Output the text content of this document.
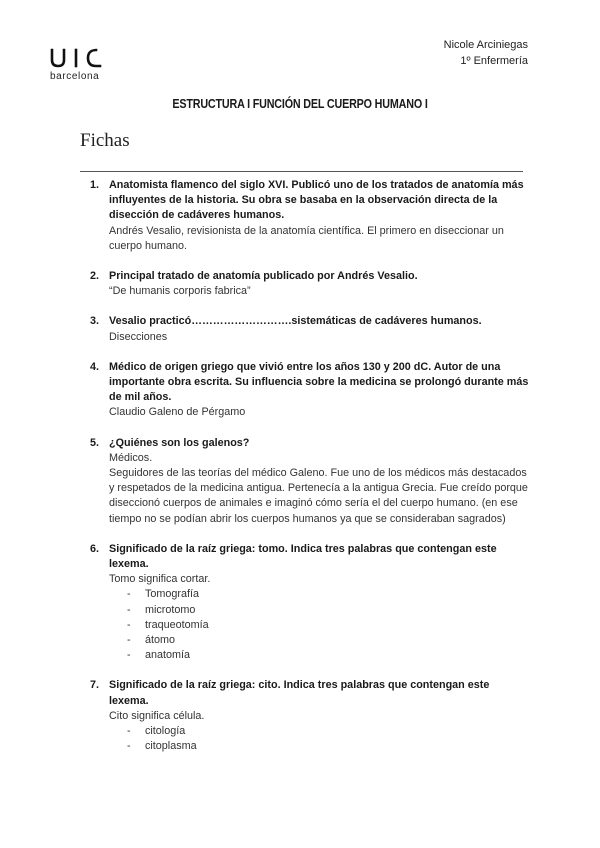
barcelona
Nicole Arciniegas
1º Enfermería
ESTRUCTURA I FUNCIÓN DEL CUERPO HUMANO I
Fichas
1. Anatomista flamenco del siglo XVI. Publicó uno de los tratados de anatomía más influyentes de la historia. Su obra se basaba en la observación directa de la disección de cadáveres humanos.
Andrés Vesalio, revisionista de la anatomía científica. El primero en diseccionar un cuerpo humano.
2. Principal tratado de anatomía publicado por Andrés Vesalio.
“De humanis corporis fabrica”
3. Vesalio practicó……………………….sistemáticas de cadáveres humanos.
Disecciones
4. Médico de origen griego que vivió entre los años 130 y 200 dC. Autor de una importante obra escrita. Su influencia sobre la medicina se prolongó durante más de mil años.
Claudio Galeno de Pérgamo
5. ¿Quiénes son los galenos?
Médicos.
Seguidores de las teorías del médico Galeno. Fue uno de los médicos más destacados y respetados de la medicina antigua. Pertenecía a la antigua Grecia. Fue creído porque diseccionó cuerpos de animales e imaginó cómo sería el del cuerpo humano. (en ese tiempo no se podían abrir los cuerpos humanos ya que se consideraban sagrados)
6. Significado de la raíz griega: tomo. Indica tres palabras que contengan este lexema.
Tomo significa cortar.
- Tomografía
- microtomo
- traqueotomía
- átomo
- anatomía
7. Significado de la raíz griega: cito. Indica tres palabras que contengan este lexema.
Cito significa célula.
- citología
- citoplasma
